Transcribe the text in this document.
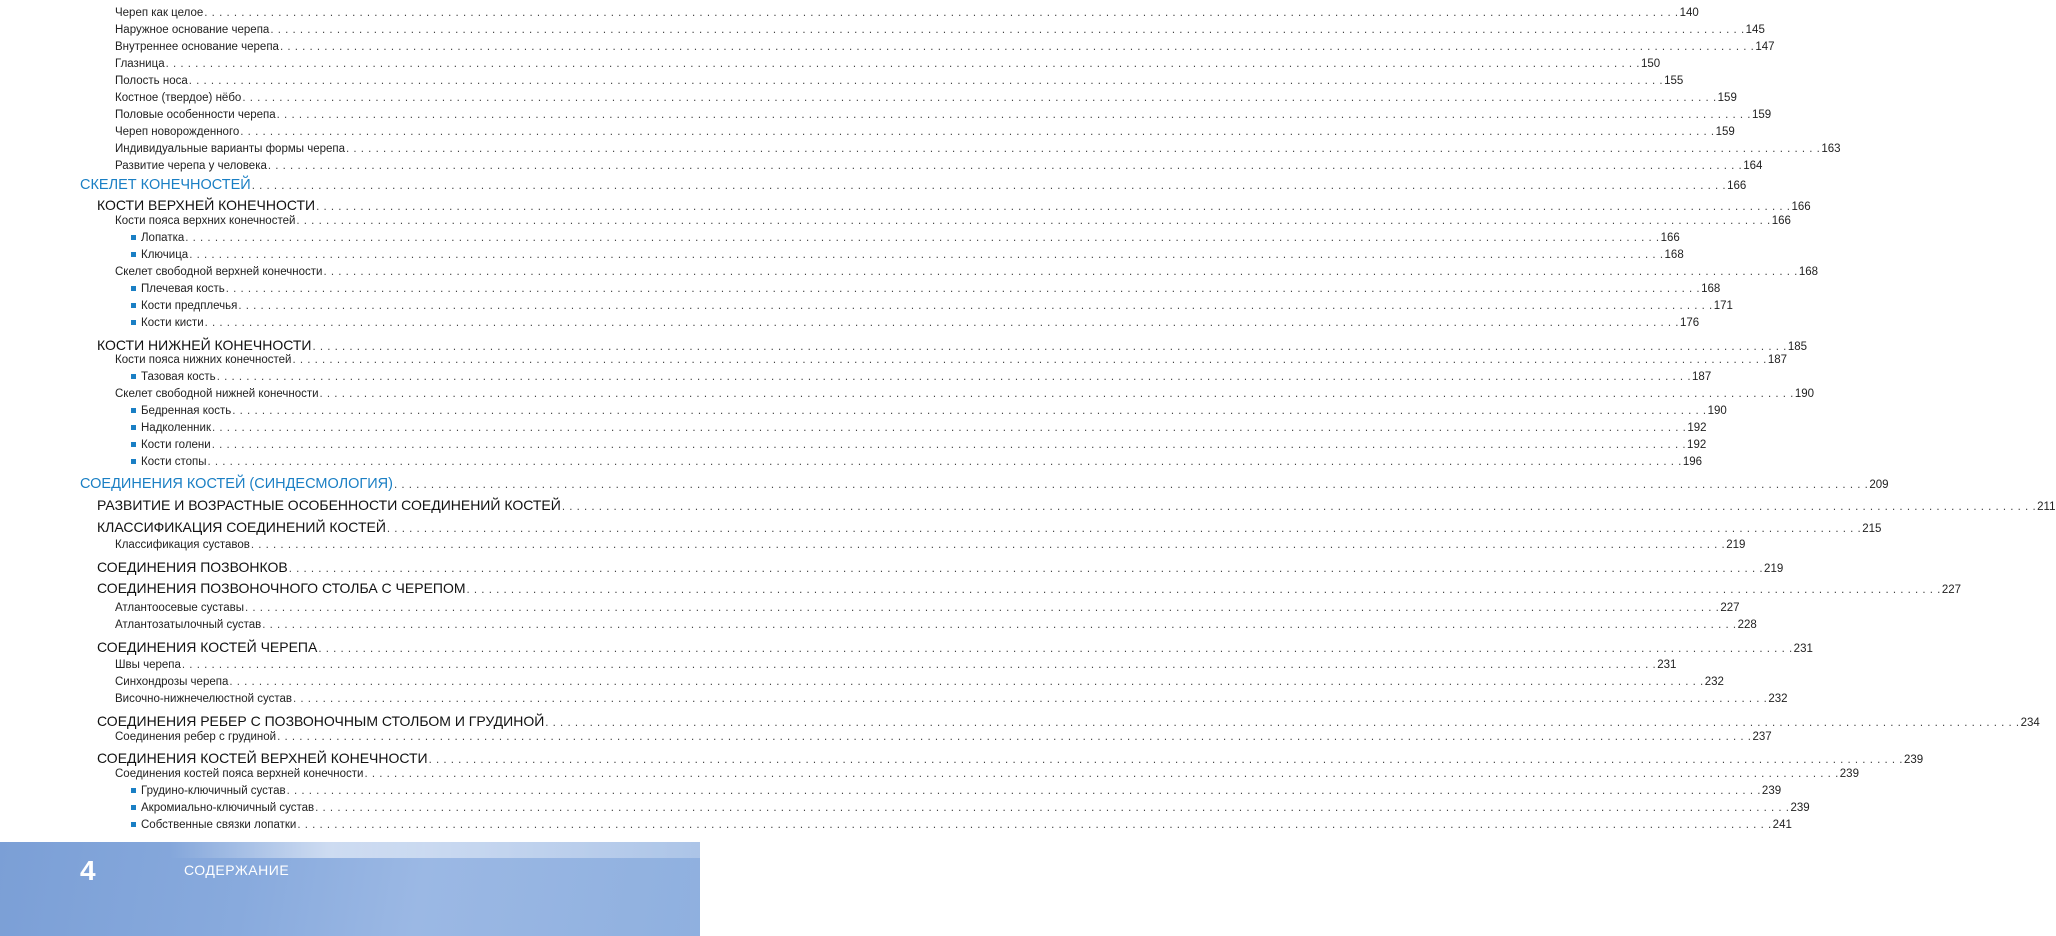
Череп как целое . . . . . . . . . . . . . . . . . . . . . . . . . . . . . . . . . . . . . . . . . . . . . . . . . . . . . . . . . . . . . . . . . . . . . . . . . . . . . . . . . . . . . . . . . . . . . . . . . . . . . . . . . . . . . . . . . . . . . . . . . . . . . . . . . . . . . . . . . . . . . . . . . . . . . . . . . . . . . . . . . . . . . . . . . . . . . . . . . . . . . . . . . . . . . . . . . . . . . . . . 140
Наружное основание черепа . . . . . . . . . . . . . . . . . . . . . . . . . . . . . . . . . . . . . . . . . . . . . . . . . . . . . . . . . . . . . . . . . . . . . . . . . . . . . . . . . . . . . . . . . . . . . . . . . . . . . . . . . . . . . . . . . . . . . . . . . . . . . . . . . . . . . . . . . . . . . . . . . . . . . . . . . . . . . . . . . . . . . . . . . . . . . . . . . . . . . . . . . . . . . . . . . . . . . . . . 145
Внутреннее основание черепа . . . . . . . . . . . . . . . . . . . . . . . . . . . . . . . . . . . . . . . . . . . . . . . . . . . . . . . . . . . . . . . . . . . . . . . . . . . . . . . . . . . . . . . . . . . . . . . . . . . . . . . . . . . . . . . . . . . . . . . . . . . . . . . . . . . . . . . . . . . . . . . . . . . . . . . . . . . . . . . . . . . . . . . . . . . . . . . . . . . . . . . . . . . . . . . . . . . . . . . . 147
Глазница . . . . . . . . . . . . . . . . . . . . . . . . . . . . . . . . . . . . . . . . . . . . . . . . . . . . . . . . . . . . . . . . . . . . . . . . . . . . . . . . . . . . . . . . . . . . . . . . . . . . . . . . . . . . . . . . . . . . . . . . . . . . . . . . . . . . . . . . . . . . . . . . . . . . . . . . . . . . . . . . . . . . . . . . . . . . . . . . . . . . . . . . . . . . . . . . . . . . . . . . 150
Полость носа . . . . . . . . . . . . . . . . . . . . . . . . . . . . . . . . . . . . . . . . . . . . . . . . . . . . . . . . . . . . . . . . . . . . . . . . . . . . . . . . . . . . . . . . . . . . . . . . . . . . . . . . . . . . . . . . . . . . . . . . . . . . . . . . . . . . . . . . . . . . . . . . . . . . . . . . . . . . . . . . . . . . . . . . . . . . . . . . . . . . . . . . . . . . . . . . . . . . . . . . 155
Костное (твердое) нёбо . . . . . . . . . . . . . . . . . . . . . . . . . . . . . . . . . . . . . . . . . . . . . . . . . . . . . . . . . . . . . . . . . . . . . . . . . . . . . . . . . . . . . . . . . . . . . . . . . . . . . . . . . . . . . . . . . . . . . . . . . . . . . . . . . . . . . . . . . . . . . . . . . . . . . . . . . . . . . . . . . . . . . . . . . . . . . . . . . . . . . . . . . . . . . . . . . . . . . . . . 159
Половые особенности черепа . . . . . . . . . . . . . . . . . . . . . . . . . . . . . . . . . . . . . . . . . . . . . . . . . . . . . . . . . . . . . . . . . . . . . . . . . . . . . . . . . . . . . . . . . . . . . . . . . . . . . . . . . . . . . . . . . . . . . . . . . . . . . . . . . . . . . . . . . . . . . . . . . . . . . . . . . . . . . . . . . . . . . . . . . . . . . . . . . . . . . . . . . . . . . . . . . . . . . . . . 159
Череп новорожденного . . . . . . . . . . . . . . . . . . . . . . . . . . . . . . . . . . . . . . . . . . . . . . . . . . . . . . . . . . . . . . . . . . . . . . . . . . . . . . . . . . . . . . . . . . . . . . . . . . . . . . . . . . . . . . . . . . . . . . . . . . . . . . . . . . . . . . . . . . . . . . . . . . . . . . . . . . . . . . . . . . . . . . . . . . . . . . . . . . . . . . . . . . . . . . . . . . . . . . . . 159
Индивидуальные варианты формы черепа . . . . . . . . . . . . . . . . . . . . . . . . . . . . . . . . . . . . . . . . . . . . . . . . . . . . . . . . . . . . . . . . . . . . . . . . . . . . . . . . . . . . . . . . . . . . . . . . . . . . . . . . . . . . . . . . . . . . . . . . . . . . . . . . . . . . . . . . . . . . . . . . . . . . . . . . . . . . . . . . . . . . . . . . . . . . . . . . . . . . . . . . . . . . . . . . . . . . . . . . 163
Развитие черепа у человека . . . . . . . . . . . . . . . . . . . . . . . . . . . . . . . . . . . . . . . . . . . . . . . . . . . . . . . . . . . . . . . . . . . . . . . . . . . . . . . . . . . . . . . . . . . . . . . . . . . . . . . . . . . . . . . . . . . . . . . . . . . . . . . . . . . . . . . . . . . . . . . . . . . . . . . . . . . . . . . . . . . . . . . . . . . . . . . . . . . . . . . . . . . . . . . . . . . . . . . . 164
СКЕЛЕТ КОНЕЧНОСТЕЙ . . . . . . . . . . . . . . . . . . . . . . . . . . . . . . . . . . . . . . . . . . . . . . . . . . . . . . . . . . . . . . . . . . . . . . . . . . . . . . . . . . . . . . . . . . . . . . . . . . . . . . . . . . . . . . . . . . . . . . . . . . . . . . . . . . . . . . . . . . . . . . . . . . . . . . . . . . . . . . . . . . . . . . . . . . . . . . . . . . . . . . . . . . . . . . . . . . . . . . . . 166
КОСТИ ВЕРХНЕЙ КОНЕЧНОСТИ . . . . . . . . . . . . . . . . . . . . . . . . . . . . . . . . . . . . . . . . . . . . . . . . . . . . . . . . . . . . . . . . . . . . . . . . . . . . . . . . . . . . . . . . . . . . . . . . . . . . . . . . . . . . . . . . . . . . . . . . . . . . . . . . . . . . . . . . . . . . . . . . . . . . . . . . . . . . . . . . . . . . . . . . . . . . . . . . . . . . . . . . . . . . . . . . . . . . . . . . 166
Кости пояса верхних конечностей . . . . . . . . . . . . . . . . . . . . . . . . . . . . . . . . . . . . . . . . . . . . . . . . . . . . . . . . . . . . . . . . . . . . . . . . . . . . . . . . . . . . . . . . . . . . . . . . . . . . . . . . . . . . . . . . . . . . . . . . . . . . . . . . . . . . . . . . . . . . . . . . . . . . . . . . . . . . . . . . . . . . . . . . . . . . . . . . . . . . . . . . . . . . . . . . . . . . . . . . 166
Лопатка . . . . . . . . . . . . . . . . . . . . . . . . . . . . . . . . . . . . . . . . . . . . . . . . . . . . . . . . . . . . . . . . . . . . . . . . . . . . . . . . . . . . . . . . . . . . . . . . . . . . . . . . . . . . . . . . . . . . . . . . . . . . . . . . . . . . . . . . . . . . . . . . . . . . . . . . . . . . . . . . . . . . . . . . . . . . . . . . . . . . . . . . . . . . . . . . . . . . . . . . 166
Ключица . . . . . . . . . . . . . . . . . . . . . . . . . . . . . . . . . . . . . . . . . . . . . . . . . . . . . . . . . . . . . . . . . . . . . . . . . . . . . . . . . . . . . . . . . . . . . . . . . . . . . . . . . . . . . . . . . . . . . . . . . . . . . . . . . . . . . . . . . . . . . . . . . . . . . . . . . . . . . . . . . . . . . . . . . . . . . . . . . . . . . . . . . . . . . . . . . . . . . . . . 168
Скелет свободной верхней конечности . . . . . . . . . . . . . . . . . . . . . . . . . . . . . . . . . . . . . . . . . . . . . . . . . . . . . . . . . . . . . . . . . . . . . . . . . . . . . . . . . . . . . . . . . . . . . . . . . . . . . . . . . . . . . . . . . . . . . . . . . . . . . . . . . . . . . . . . . . . . . . . . . . . . . . . . . . . . . . . . . . . . . . . . . . . . . . . . . . . . . . . . . . . . . . . . . . . . . . . . 168
Плечевая кость . . . . . . . . . . . . . . . . . . . . . . . . . . . . . . . . . . . . . . . . . . . . . . . . . . . . . . . . . . . . . . . . . . . . . . . . . . . . . . . . . . . . . . . . . . . . . . . . . . . . . . . . . . . . . . . . . . . . . . . . . . . . . . . . . . . . . . . . . . . . . . . . . . . . . . . . . . . . . . . . . . . . . . . . . . . . . . . . . . . . . . . . . . . . . . . . . . . . . . . . 168
Кости предплечья . . . . . . . . . . . . . . . . . . . . . . . . . . . . . . . . . . . . . . . . . . . . . . . . . . . . . . . . . . . . . . . . . . . . . . . . . . . . . . . . . . . . . . . . . . . . . . . . . . . . . . . . . . . . . . . . . . . . . . . . . . . . . . . . . . . . . . . . . . . . . . . . . . . . . . . . . . . . . . . . . . . . . . . . . . . . . . . . . . . . . . . . . . . . . . . . . . . . . . . . 171
Кости кисти . . . . . . . . . . . . . . . . . . . . . . . . . . . . . . . . . . . . . . . . . . . . . . . . . . . . . . . . . . . . . . . . . . . . . . . . . . . . . . . . . . . . . . . . . . . . . . . . . . . . . . . . . . . . . . . . . . . . . . . . . . . . . . . . . . . . . . . . . . . . . . . . . . . . . . . . . . . . . . . . . . . . . . . . . . . . . . . . . . . . . . . . . . . . . . . . . . . . . . . . 176
КОСТИ НИЖНЕЙ КОНЕЧНОСТИ . . . . . . . . . . . . . . . . . . . . . . . . . . . . . . . . . . . . . . . . . . . . . . . . . . . . . . . . . . . . . . . . . . . . . . . . . . . . . . . . . . . . . . . . . . . . . . . . . . . . . . . . . . . . . . . . . . . . . . . . . . . . . . . . . . . . . . . . . . . . . . . . . . . . . . . . . . . . . . . . . . . . . . . . . . . . . . . . . . . . . . . . . . . . . . . . . . . . . . . . 185
Кости пояса нижних конечностей . . . . . . . . . . . . . . . . . . . . . . . . . . . . . . . . . . . . . . . . . . . . . . . . . . . . . . . . . . . . . . . . . . . . . . . . . . . . . . . . . . . . . . . . . . . . . . . . . . . . . . . . . . . . . . . . . . . . . . . . . . . . . . . . . . . . . . . . . . . . . . . . . . . . . . . . . . . . . . . . . . . . . . . . . . . . . . . . . . . . . . . . . . . . . . . . . . . . . . . . 187
Тазовая кость . . . . . . . . . . . . . . . . . . . . . . . . . . . . . . . . . . . . . . . . . . . . . . . . . . . . . . . . . . . . . . . . . . . . . . . . . . . . . . . . . . . . . . . . . . . . . . . . . . . . . . . . . . . . . . . . . . . . . . . . . . . . . . . . . . . . . . . . . . . . . . . . . . . . . . . . . . . . . . . . . . . . . . . . . . . . . . . . . . . . . . . . . . . . . . . . . . . . . . . . 187
Скелет свободной нижней конечности . . . . . . . . . . . . . . . . . . . . . . . . . . . . . . . . . . . . . . . . . . . . . . . . . . . . . . . . . . . . . . . . . . . . . . . . . . . . . . . . . . . . . . . . . . . . . . . . . . . . . . . . . . . . . . . . . . . . . . . . . . . . . . . . . . . . . . . . . . . . . . . . . . . . . . . . . . . . . . . . . . . . . . . . . . . . . . . . . . . . . . . . . . . . . . . . . . . . . . . . 190
Бедренная кость . . . . . . . . . . . . . . . . . . . . . . . . . . . . . . . . . . . . . . . . . . . . . . . . . . . . . . . . . . . . . . . . . . . . . . . . . . . . . . . . . . . . . . . . . . . . . . . . . . . . . . . . . . . . . . . . . . . . . . . . . . . . . . . . . . . . . . . . . . . . . . . . . . . . . . . . . . . . . . . . . . . . . . . . . . . . . . . . . . . . . . . . . . . . . . . . . . . . . . . . 190
Надколенник . . . . . . . . . . . . . . . . . . . . . . . . . . . . . . . . . . . . . . . . . . . . . . . . . . . . . . . . . . . . . . . . . . . . . . . . . . . . . . . . . . . . . . . . . . . . . . . . . . . . . . . . . . . . . . . . . . . . . . . . . . . . . . . . . . . . . . . . . . . . . . . . . . . . . . . . . . . . . . . . . . . . . . . . . . . . . . . . . . . . . . . . . . . . . . . . . . . . . . . . 192
Кости голени . . . . . . . . . . . . . . . . . . . . . . . . . . . . . . . . . . . . . . . . . . . . . . . . . . . . . . . . . . . . . . . . . . . . . . . . . . . . . . . . . . . . . . . . . . . . . . . . . . . . . . . . . . . . . . . . . . . . . . . . . . . . . . . . . . . . . . . . . . . . . . . . . . . . . . . . . . . . . . . . . . . . . . . . . . . . . . . . . . . . . . . . . . . . . . . . . . . . . . . . 192
Кости стопы . . . . . . . . . . . . . . . . . . . . . . . . . . . . . . . . . . . . . . . . . . . . . . . . . . . . . . . . . . . . . . . . . . . . . . . . . . . . . . . . . . . . . . . . . . . . . . . . . . . . . . . . . . . . . . . . . . . . . . . . . . . . . . . . . . . . . . . . . . . . . . . . . . . . . . . . . . . . . . . . . . . . . . . . . . . . . . . . . . . . . . . . . . . . . . . . . . . . . . . . 196
СОЕДИНЕНИЯ КОСТЕЙ (СИНДЕСМОЛОГИЯ) . . . . . . . . . . . . . . . . . . . . . . . . . . . . . . . . . . . . . . . . . . . . . . . . . . . . . . . . . . . . . . . . . . . . . . . . . . . . . . . . . . . . . . . . . . . . . . . . . . . . . . . . . . . . . . . . . . . . . . . . . . . . . . . . . . . . . . . . . . . . . . . . . . . . . . . . . . . . . . . . . . . . . . . . . . . . . . . . . . . . . . . . . . . . . . . . . . . . . . . . 209
РАЗВИТИЕ И ВОЗРАСТНЫЕ ОСОБЕННОСТИ СОЕДИНЕНИЙ КОСТЕЙ . . . . . . . . . . . . . . . . . . . . . . . . . . . . . . . . . . . . . . . . . . . . . . . . . . . . . . . . . . . . . . . . . . . . . . . . . . . . . . . . . . . . . . . . . . . . . . . . . . . . . . . . . . . . . . . . . . . . . . . . . . . . . . . . . . . . . . . . . . . . . . . . . . . . . . . . . . . . . . . . . . . . . . . . . . . . . . . . . . . . . . . . . . . . . . . . . . . . . . . . 211
КЛАССИФИКАЦИЯ СОЕДИНЕНИЙ КОСТЕЙ . . . . . . . . . . . . . . . . . . . . . . . . . . . . . . . . . . . . . . . . . . . . . . . . . . . . . . . . . . . . . . . . . . . . . . . . . . . . . . . . . . . . . . . . . . . . . . . . . . . . . . . . . . . . . . . . . . . . . . . . . . . . . . . . . . . . . . . . . . . . . . . . . . . . . . . . . . . . . . . . . . . . . . . . . . . . . . . . . . . . . . . . . . . . . . . . . . . . . . . . 215
Классификация суставов . . . . . . . . . . . . . . . . . . . . . . . . . . . . . . . . . . . . . . . . . . . . . . . . . . . . . . . . . . . . . . . . . . . . . . . . . . . . . . . . . . . . . . . . . . . . . . . . . . . . . . . . . . . . . . . . . . . . . . . . . . . . . . . . . . . . . . . . . . . . . . . . . . . . . . . . . . . . . . . . . . . . . . . . . . . . . . . . . . . . . . . . . . . . . . . . . . . . . . . . 219
СОЕДИНЕНИЯ ПОЗВОНКОВ . . . . . . . . . . . . . . . . . . . . . . . . . . . . . . . . . . . . . . . . . . . . . . . . . . . . . . . . . . . . . . . . . . . . . . . . . . . . . . . . . . . . . . . . . . . . . . . . . . . . . . . . . . . . . . . . . . . . . . . . . . . . . . . . . . . . . . . . . . . . . . . . . . . . . . . . . . . . . . . . . . . . . . . . . . . . . . . . . . . . . . . . . . . . . . . . . . . . . . . . 219
СОЕДИНЕНИЯ ПОЗВОНОЧНОГО СТОЛБА С ЧЕРЕПОМ . . . . . . . . . . . . . . . . . . . . . . . . . . . . . . . . . . . . . . . . . . . . . . . . . . . . . . . . . . . . . . . . . . . . . . . . . . . . . . . . . . . . . . . . . . . . . . . . . . . . . . . . . . . . . . . . . . . . . . . . . . . . . . . . . . . . . . . . . . . . . . . . . . . . . . . . . . . . . . . . . . . . . . . . . . . . . . . . . . . . . . . . . . . . . . . . . . . . . . . . 227
Атлантоосевые суставы . . . . . . . . . . . . . . . . . . . . . . . . . . . . . . . . . . . . . . . . . . . . . . . . . . . . . . . . . . . . . . . . . . . . . . . . . . . . . . . . . . . . . . . . . . . . . . . . . . . . . . . . . . . . . . . . . . . . . . . . . . . . . . . . . . . . . . . . . . . . . . . . . . . . . . . . . . . . . . . . . . . . . . . . . . . . . . . . . . . . . . . . . . . . . . . . . . . . . . . . 227
Атлантозатылочный сустав . . . . . . . . . . . . . . . . . . . . . . . . . . . . . . . . . . . . . . . . . . . . . . . . . . . . . . . . . . . . . . . . . . . . . . . . . . . . . . . . . . . . . . . . . . . . . . . . . . . . . . . . . . . . . . . . . . . . . . . . . . . . . . . . . . . . . . . . . . . . . . . . . . . . . . . . . . . . . . . . . . . . . . . . . . . . . . . . . . . . . . . . . . . . . . . . . . . . . . . . 228
СОЕДИНЕНИЯ КОСТЕЙ ЧЕРЕПА . . . . . . . . . . . . . . . . . . . . . . . . . . . . . . . . . . . . . . . . . . . . . . . . . . . . . . . . . . . . . . . . . . . . . . . . . . . . . . . . . . . . . . . . . . . . . . . . . . . . . . . . . . . . . . . . . . . . . . . . . . . . . . . . . . . . . . . . . . . . . . . . . . . . . . . . . . . . . . . . . . . . . . . . . . . . . . . . . . . . . . . . . . . . . . . . . . . . . . . . 231
Швы черепа . . . . . . . . . . . . . . . . . . . . . . . . . . . . . . . . . . . . . . . . . . . . . . . . . . . . . . . . . . . . . . . . . . . . . . . . . . . . . . . . . . . . . . . . . . . . . . . . . . . . . . . . . . . . . . . . . . . . . . . . . . . . . . . . . . . . . . . . . . . . . . . . . . . . . . . . . . . . . . . . . . . . . . . . . . . . . . . . . . . . . . . . . . . . . . . . . . . . . . . . 231
Синхондрозы черепа . . . . . . . . . . . . . . . . . . . . . . . . . . . . . . . . . . . . . . . . . . . . . . . . . . . . . . . . . . . . . . . . . . . . . . . . . . . . . . . . . . . . . . . . . . . . . . . . . . . . . . . . . . . . . . . . . . . . . . . . . . . . . . . . . . . . . . . . . . . . . . . . . . . . . . . . . . . . . . . . . . . . . . . . . . . . . . . . . . . . . . . . . . . . . . . . . . . . . . . . 232
Височно-нижнечелюстной сустав . . . . . . . . . . . . . . . . . . . . . . . . . . . . . . . . . . . . . . . . . . . . . . . . . . . . . . . . . . . . . . . . . . . . . . . . . . . . . . . . . . . . . . . . . . . . . . . . . . . . . . . . . . . . . . . . . . . . . . . . . . . . . . . . . . . . . . . . . . . . . . . . . . . . . . . . . . . . . . . . . . . . . . . . . . . . . . . . . . . . . . . . . . . . . . . . . . . . . . . . 232
СОЕДИНЕНИЯ РЕБЕР С ПОЗВОНОЧНЫМ СТОЛБОМ И ГРУДИНОЙ . . . . . . . . . . . . . . . . . . . . . . . . . . . . . . . . . . . . . . . . . . . . . . . . . . . . . . . . . . . . . . . . . . . . . . . . . . . . . . . . . . . . . . . . . . . . . . . . . . . . . . . . . . . . . . . . . . . . . . . . . . . . . . . . . . . . . . . . . . . . . . . . . . . . . . . . . . . . . . . . . . . . . . . . . . . . . . . . . . . . . . . . . . . . . . . . . . . . . . . . 234
Соединения ребер с грудиной . . . . . . . . . . . . . . . . . . . . . . . . . . . . . . . . . . . . . . . . . . . . . . . . . . . . . . . . . . . . . . . . . . . . . . . . . . . . . . . . . . . . . . . . . . . . . . . . . . . . . . . . . . . . . . . . . . . . . . . . . . . . . . . . . . . . . . . . . . . . . . . . . . . . . . . . . . . . . . . . . . . . . . . . . . . . . . . . . . . . . . . . . . . . . . . . . . . . . . . . 237
СОЕДИНЕНИЯ КОСТЕЙ ВЕРХНЕЙ КОНЕЧНОСТИ . . . . . . . . . . . . . . . . . . . . . . . . . . . . . . . . . . . . . . . . . . . . . . . . . . . . . . . . . . . . . . . . . . . . . . . . . . . . . . . . . . . . . . . . . . . . . . . . . . . . . . . . . . . . . . . . . . . . . . . . . . . . . . . . . . . . . . . . . . . . . . . . . . . . . . . . . . . . . . . . . . . . . . . . . . . . . . . . . . . . . . . . . . . . . . . . . . . . . . . . 239
Соединения костей пояса верхней конечности . . . . . . . . . . . . . . . . . . . . . . . . . . . . . . . . . . . . . . . . . . . . . . . . . . . . . . . . . . . . . . . . . . . . . . . . . . . . . . . . . . . . . . . . . . . . . . . . . . . . . . . . . . . . . . . . . . . . . . . . . . . . . . . . . . . . . . . . . . . . . . . . . . . . . . . . . . . . . . . . . . . . . . . . . . . . . . . . . . . . . . . . . . . . . . . . . . . . . . . . 239
Грудино-ключичный сустав . . . . . . . . . . . . . . . . . . . . . . . . . . . . . . . . . . . . . . . . . . . . . . . . . . . . . . . . . . . . . . . . . . . . . . . . . . . . . . . . . . . . . . . . . . . . . . . . . . . . . . . . . . . . . . . . . . . . . . . . . . . . . . . . . . . . . . . . . . . . . . . . . . . . . . . . . . . . . . . . . . . . . . . . . . . . . . . . . . . . . . . . . . . . . . . . . . . . . . . . 239
Акромиально-ключичный сустав . . . . . . . . . . . . . . . . . . . . . . . . . . . . . . . . . . . . . . . . . . . . . . . . . . . . . . . . . . . . . . . . . . . . . . . . . . . . . . . . . . . . . . . . . . . . . . . . . . . . . . . . . . . . . . . . . . . . . . . . . . . . . . . . . . . . . . . . . . . . . . . . . . . . . . . . . . . . . . . . . . . . . . . . . . . . . . . . . . . . . . . . . . . . . . . . . . . . . . . . 239
Собственные связки лопатки . . . . . . . . . . . . . . . . . . . . . . . . . . . . . . . . . . . . . . . . . . . . . . . . . . . . . . . . . . . . . . . . . . . . . . . . . . . . . . . . . . . . . . . . . . . . . . . . . . . . . . . . . . . . . . . . . . . . . . . . . . . . . . . . . . . . . . . . . . . . . . . . . . . . . . . . . . . . . . . . . . . . . . . . . . . . . . . . . . . . . . . . . . . . . . . . . . . . . . . . 241
4	СОДЕРЖАНИЕ
